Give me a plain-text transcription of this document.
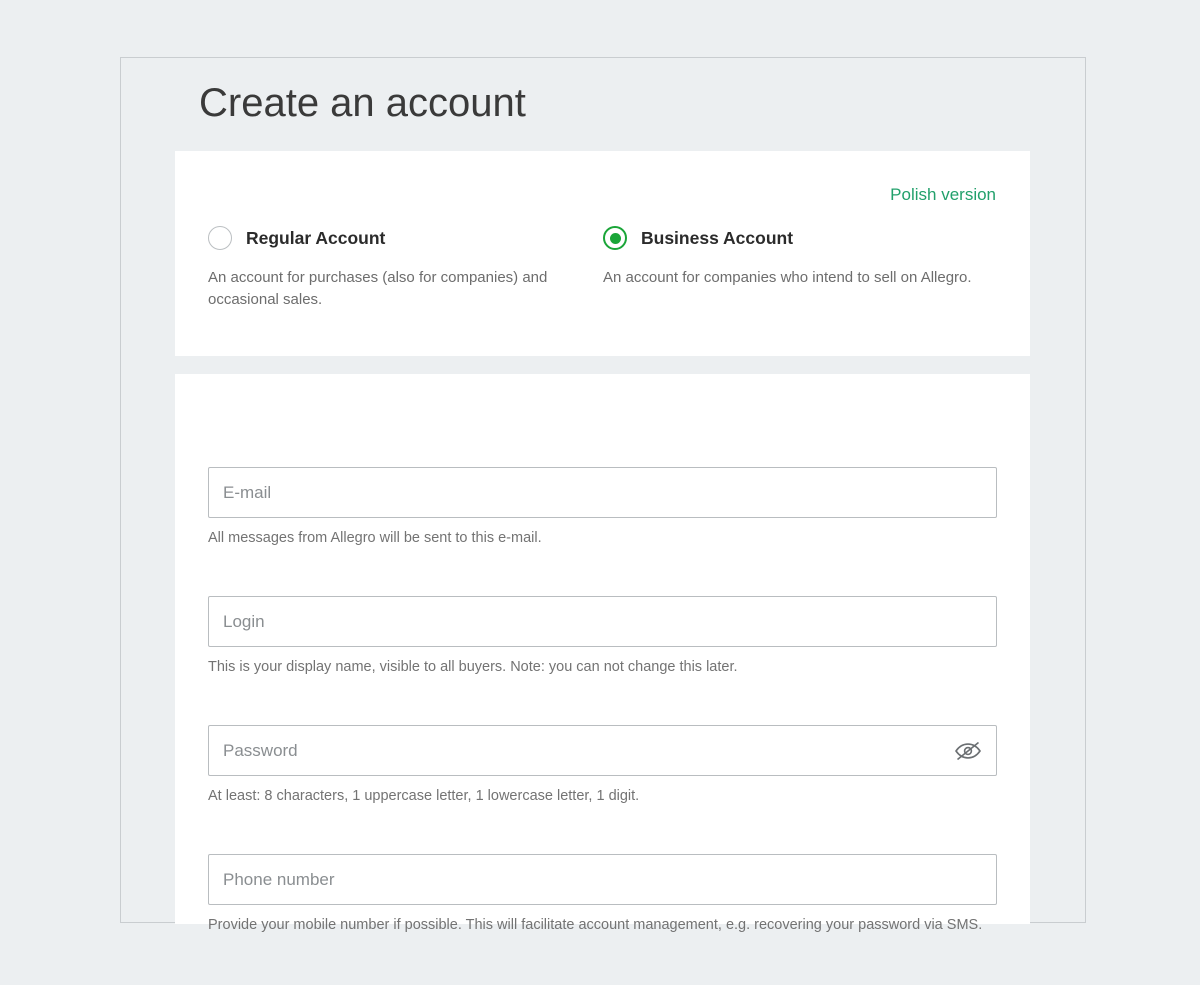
Create an account
Polish version
Regular Account
An account for purchases (also for companies) and occasional sales.
Business Account
An account for companies who intend to sell on Allegro.
E-mail
All messages from Allegro will be sent to this e-mail.
Login
This is your display name, visible to all buyers. Note: you can not change this later.
At least: 8 characters, 1 uppercase letter, 1 lowercase letter, 1 digit.
Phone number
Provide your mobile number if possible. This will facilitate account management, e.g. recovering your password via SMS.
